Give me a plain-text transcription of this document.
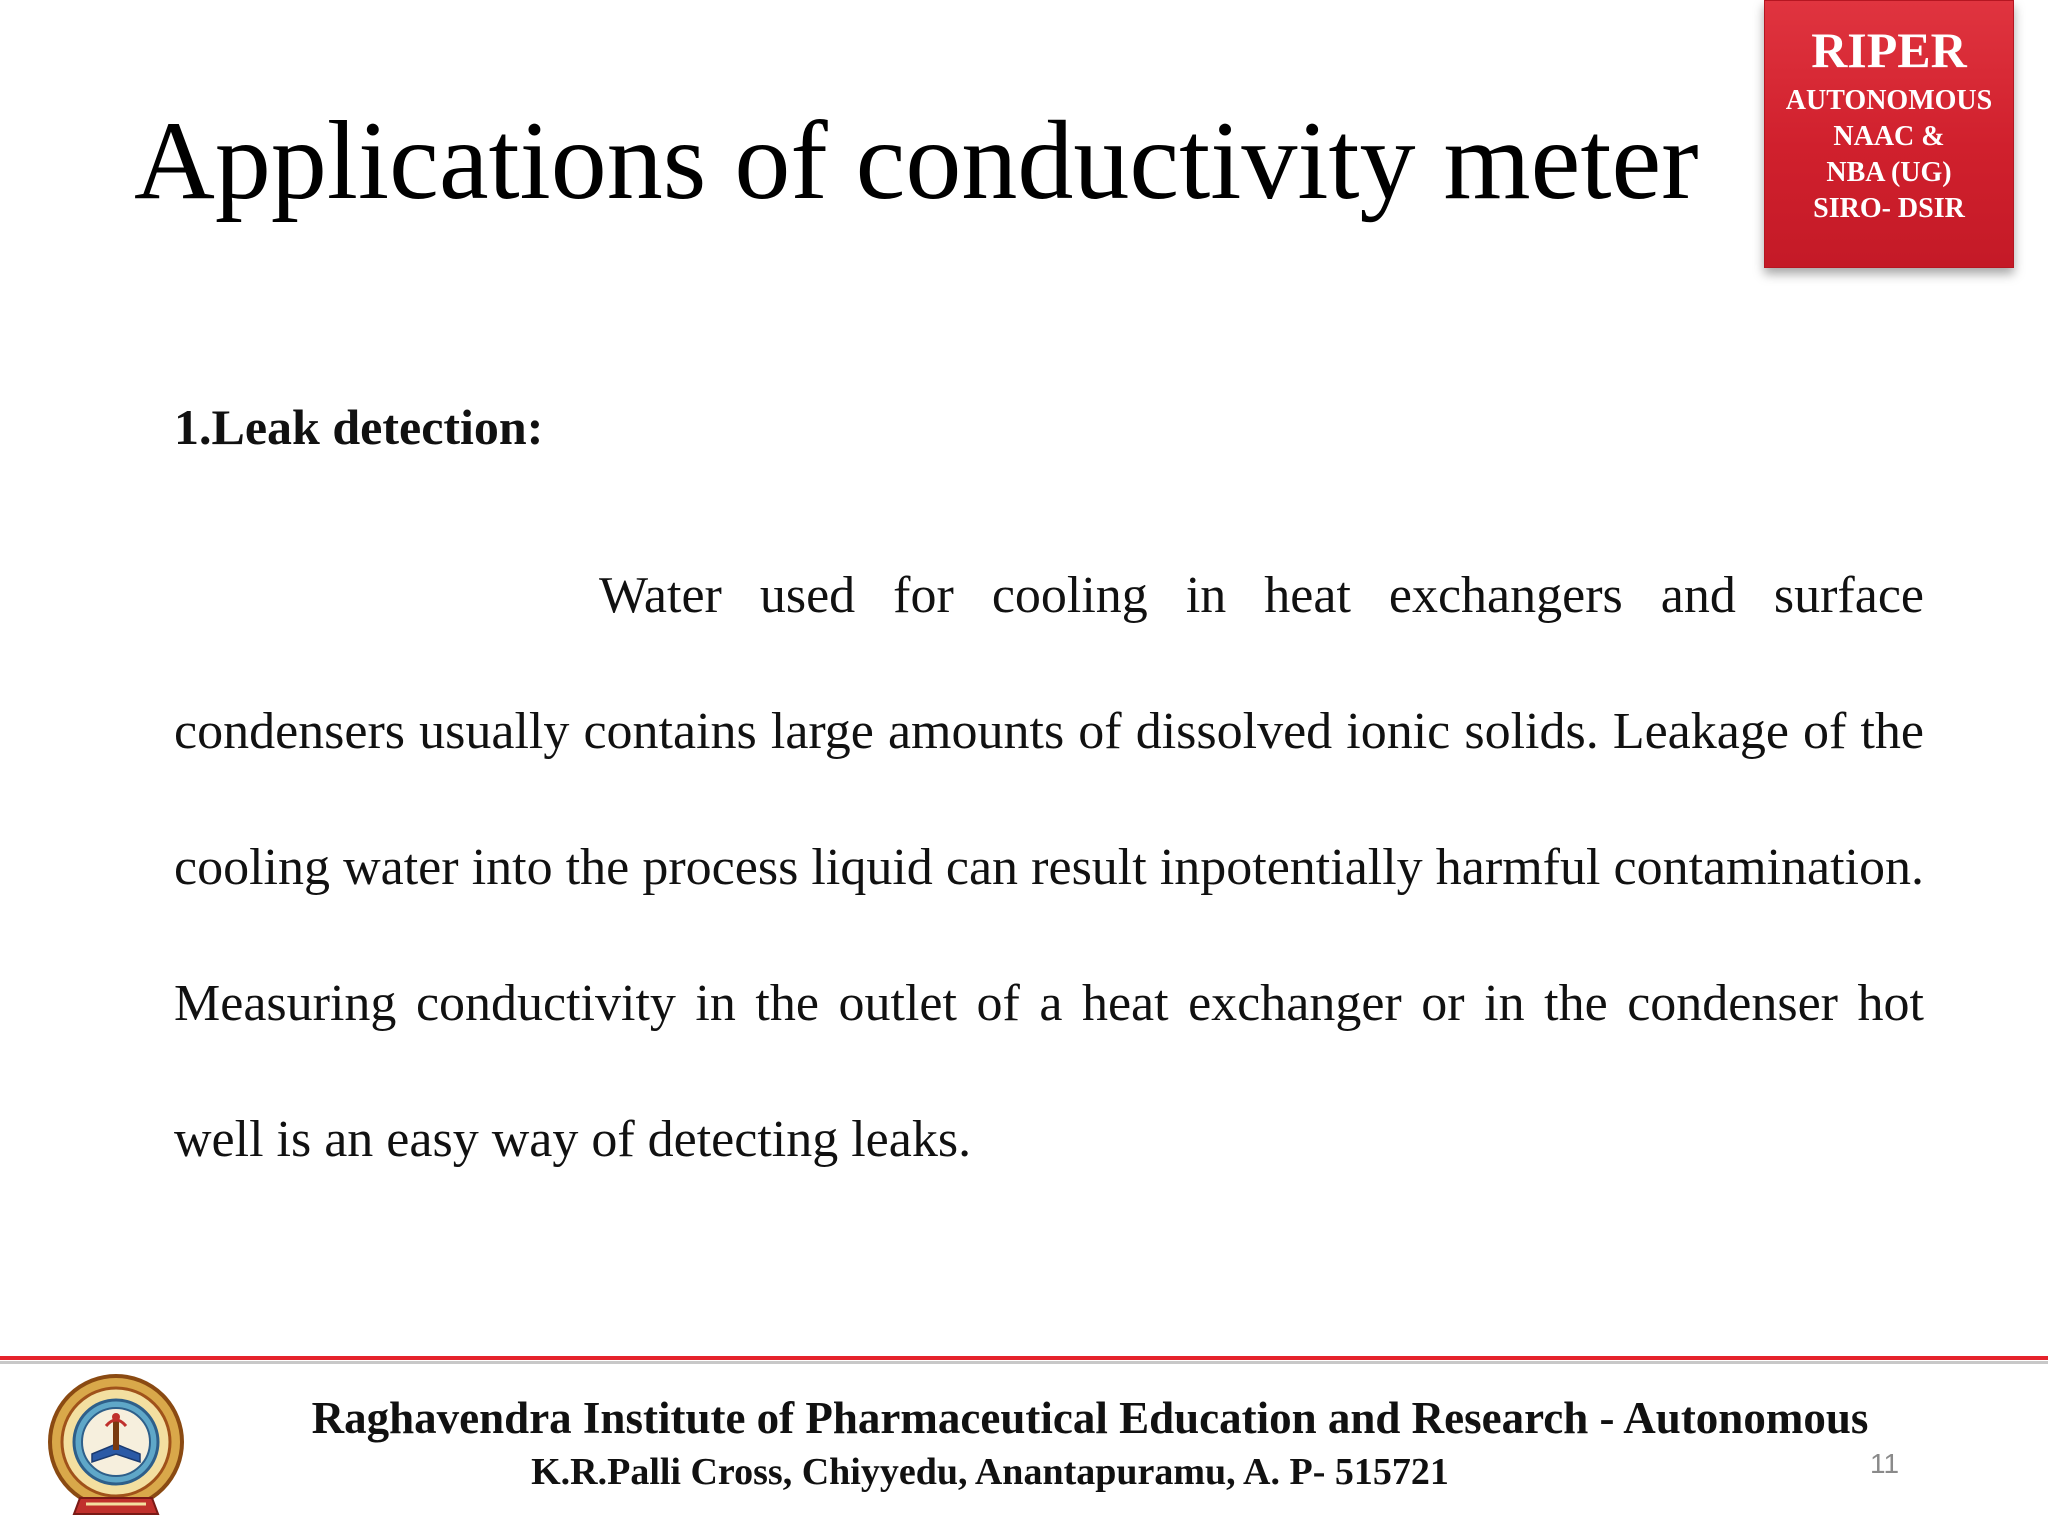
Applications of conductivity meter
RIPER
AUTONOMOUS
NAAC &
NBA (UG)
SIRO- DSIR
1.Leak detection:
Water used for cooling in heat exchangers and surface condensers usually contains large amounts of dissolved ionic solids. Leakage of the cooling water into the process liquid can result inpotentially harmful contamination. Measuring conductivity in the outlet of a heat exchanger or in the condenser hot well is an easy way of detecting leaks.
Raghavendra Institute of Pharmaceutical Education and Research - Autonomous
K.R.Palli Cross, Chiyyedu, Anantapuramu, A. P- 515721	11
